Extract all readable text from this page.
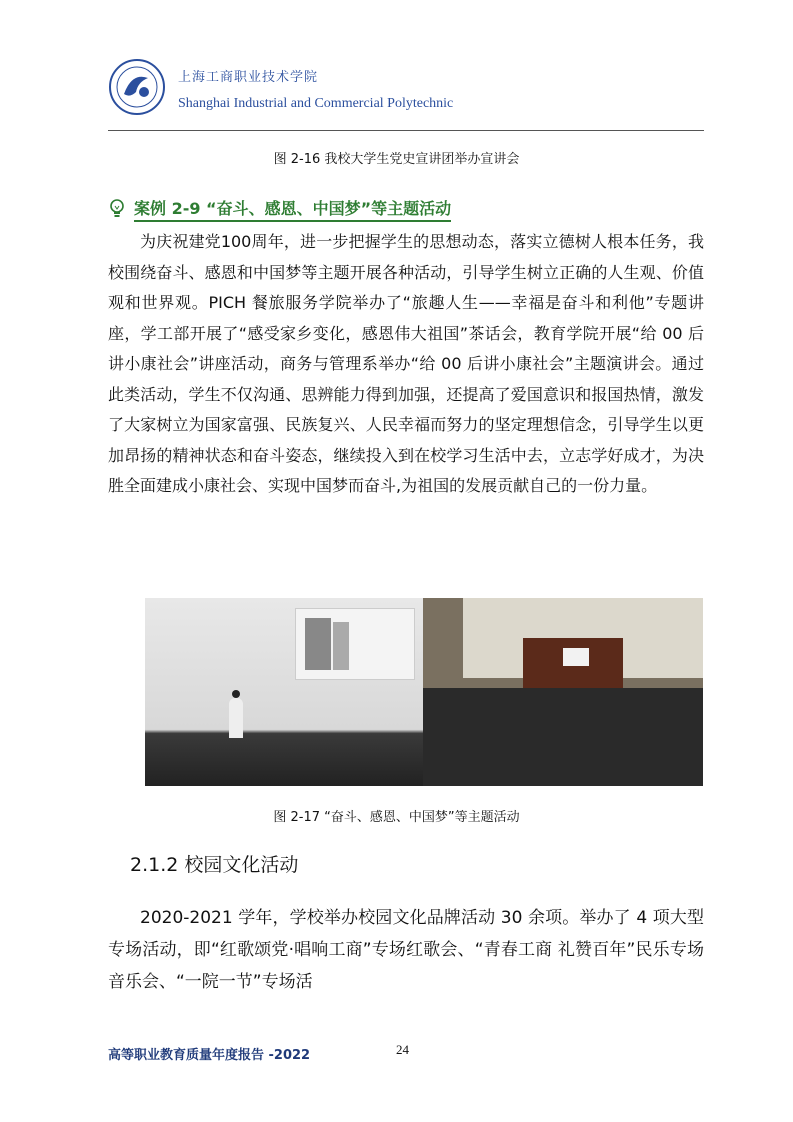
上海工商职业技术学院
Shanghai Industrial and Commercial Polytechnic
图 2-16 我校大学生党史宣讲团举办宣讲会
案例 2-9 “奋斗、感恩、中国梦”等主题活动
为庆祝建党100周年，进一步把握学生的思想动态，落实立德树人根本任务，我校围绕奋斗、感恩和中国梦等主题开展各种活动，引导学生树立正确的人生观、价值观和世界观。PICH 餐旅服务学院举办了“旅趣人生——幸福是奋斗和利他”专题讲座，学工部开展了“感受家乡变化，感恩伟大祖国”茶话会，教育学院开展“给 00 后讲小康社会”讲座活动，商务与管理系举办“给 00 后讲小康社会”主题演讲会。通过此类活动，学生不仅沟通、思辨能力得到加强，还提高了爱国意识和报国热情，激发了大家树立为国家富强、民族复兴、人民幸福而努力的坚定理想信念，引导学生以更加昂扬的精神状态和奋斗姿态，继续投入到在校学习生活中去，立志学好成才，为决胜全面建成小康社会、实现中国梦而奋斗,为祖国的发展贡献自己的一份力量。
图 2-17 “奋斗、感恩、中国梦”等主题活动
2.1.2 校园文化活动
2020-2021 学年，学校举办校园文化品牌活动 30 余项。举办了 4 项大型专场活动，即“红歌颂党·唱响工商”专场红歌会、“青春工商 礼赞百年”民乐专场音乐会、“一院一节”专场活
高等职业教育质量年度报告 -2022	24
